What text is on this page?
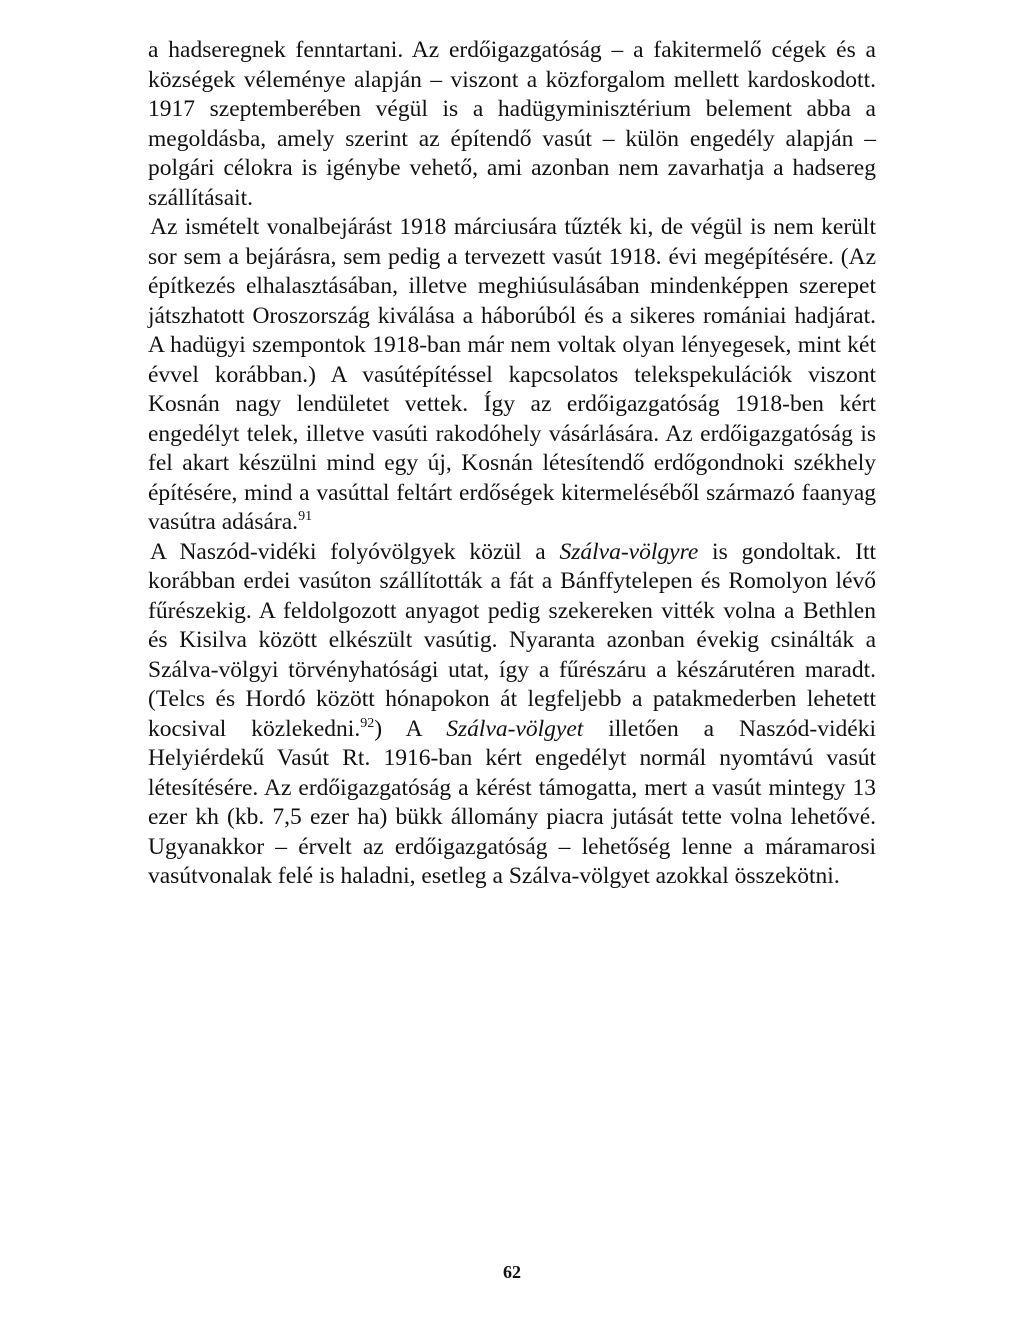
a hadseregnek fenntartani. Az erdőigazgatóság – a fakitermelő cégek és a községek véleménye alapján – viszont a közforgalom mellett kardoskodott. 1917 szeptemberében végül is a hadügyminisztérium belement abba a megoldásba, amely szerint az építendő vasút – külön engedély alapján – polgári célokra is igénybe vehető, ami azonban nem zavarhatja a hadsereg szállításait.

Az ismételt vonalbejárást 1918 márciusára tűzték ki, de végül is nem került sor sem a bejárásra, sem pedig a tervezett vasút 1918. évi megépítésére. (Az építkezés elhalasztásában, illetve meghiúsulásában mindenképpen szerepet játszhatott Oroszország kiválása a háborúból és a sikeres romániai hadjárat. A hadügyi szempontok 1918-ban már nem voltak olyan lényegesek, mint két évvel korábban.) A vasútépítéssel kapcsolatos telekspekulációk viszont Kosnán nagy lendületet vettek. Így az erdőigazgatóság 1918-ben kért engedélyt telek, illetve vasúti rakodóhely vásárlására. Az erdőigazgatóság is fel akart készülni mind egy új, Kosnán létesítendő erdőgondnoki székhely építésére, mind a vasúttal feltárt erdőségek kitermeléséből származó faanyag vasútra adására.$^{91}$

A Naszód-vidéki folyóvölgyek közül a Szálva-völgyre is gondoltak. Itt korábban erdei vasúton szállították a fát a Bánffytelepen és Romolyon lévő fűrészekig. A feldolgozott anyagot pedig szekereken vitték volna a Bethlen és Kisilva között elkészült vasútig. Nyaranta azonban évekig csinálták a Szálva-völgyi törvényhatósági utat, így a fűrészáru a készárutéren maradt. (Telcs és Hordó között hónapokon át legfeljebb a patakmederben lehetett kocsival közlekedni.$^{92}$) A Szálva-völgyet illetően a Naszód-vidéki Helyiérdekű Vasút Rt. 1916-ban kért engedélyt normál nyomtávú vasút létesítésére. Az erdőigazgatóság a kérést támogatta, mert a vasút mintegy 13 ezer kh (kb. 7,5 ezer ha) bükk állomány piacra jutását tette volna lehetővé. Ugyanakkor – érvelt az erdőigazgatóság – lehetőség lenne a máramarosi vasútvonalak felé is haladni, esetleg a Szálva-völgyet azokkal összekötni.

62
